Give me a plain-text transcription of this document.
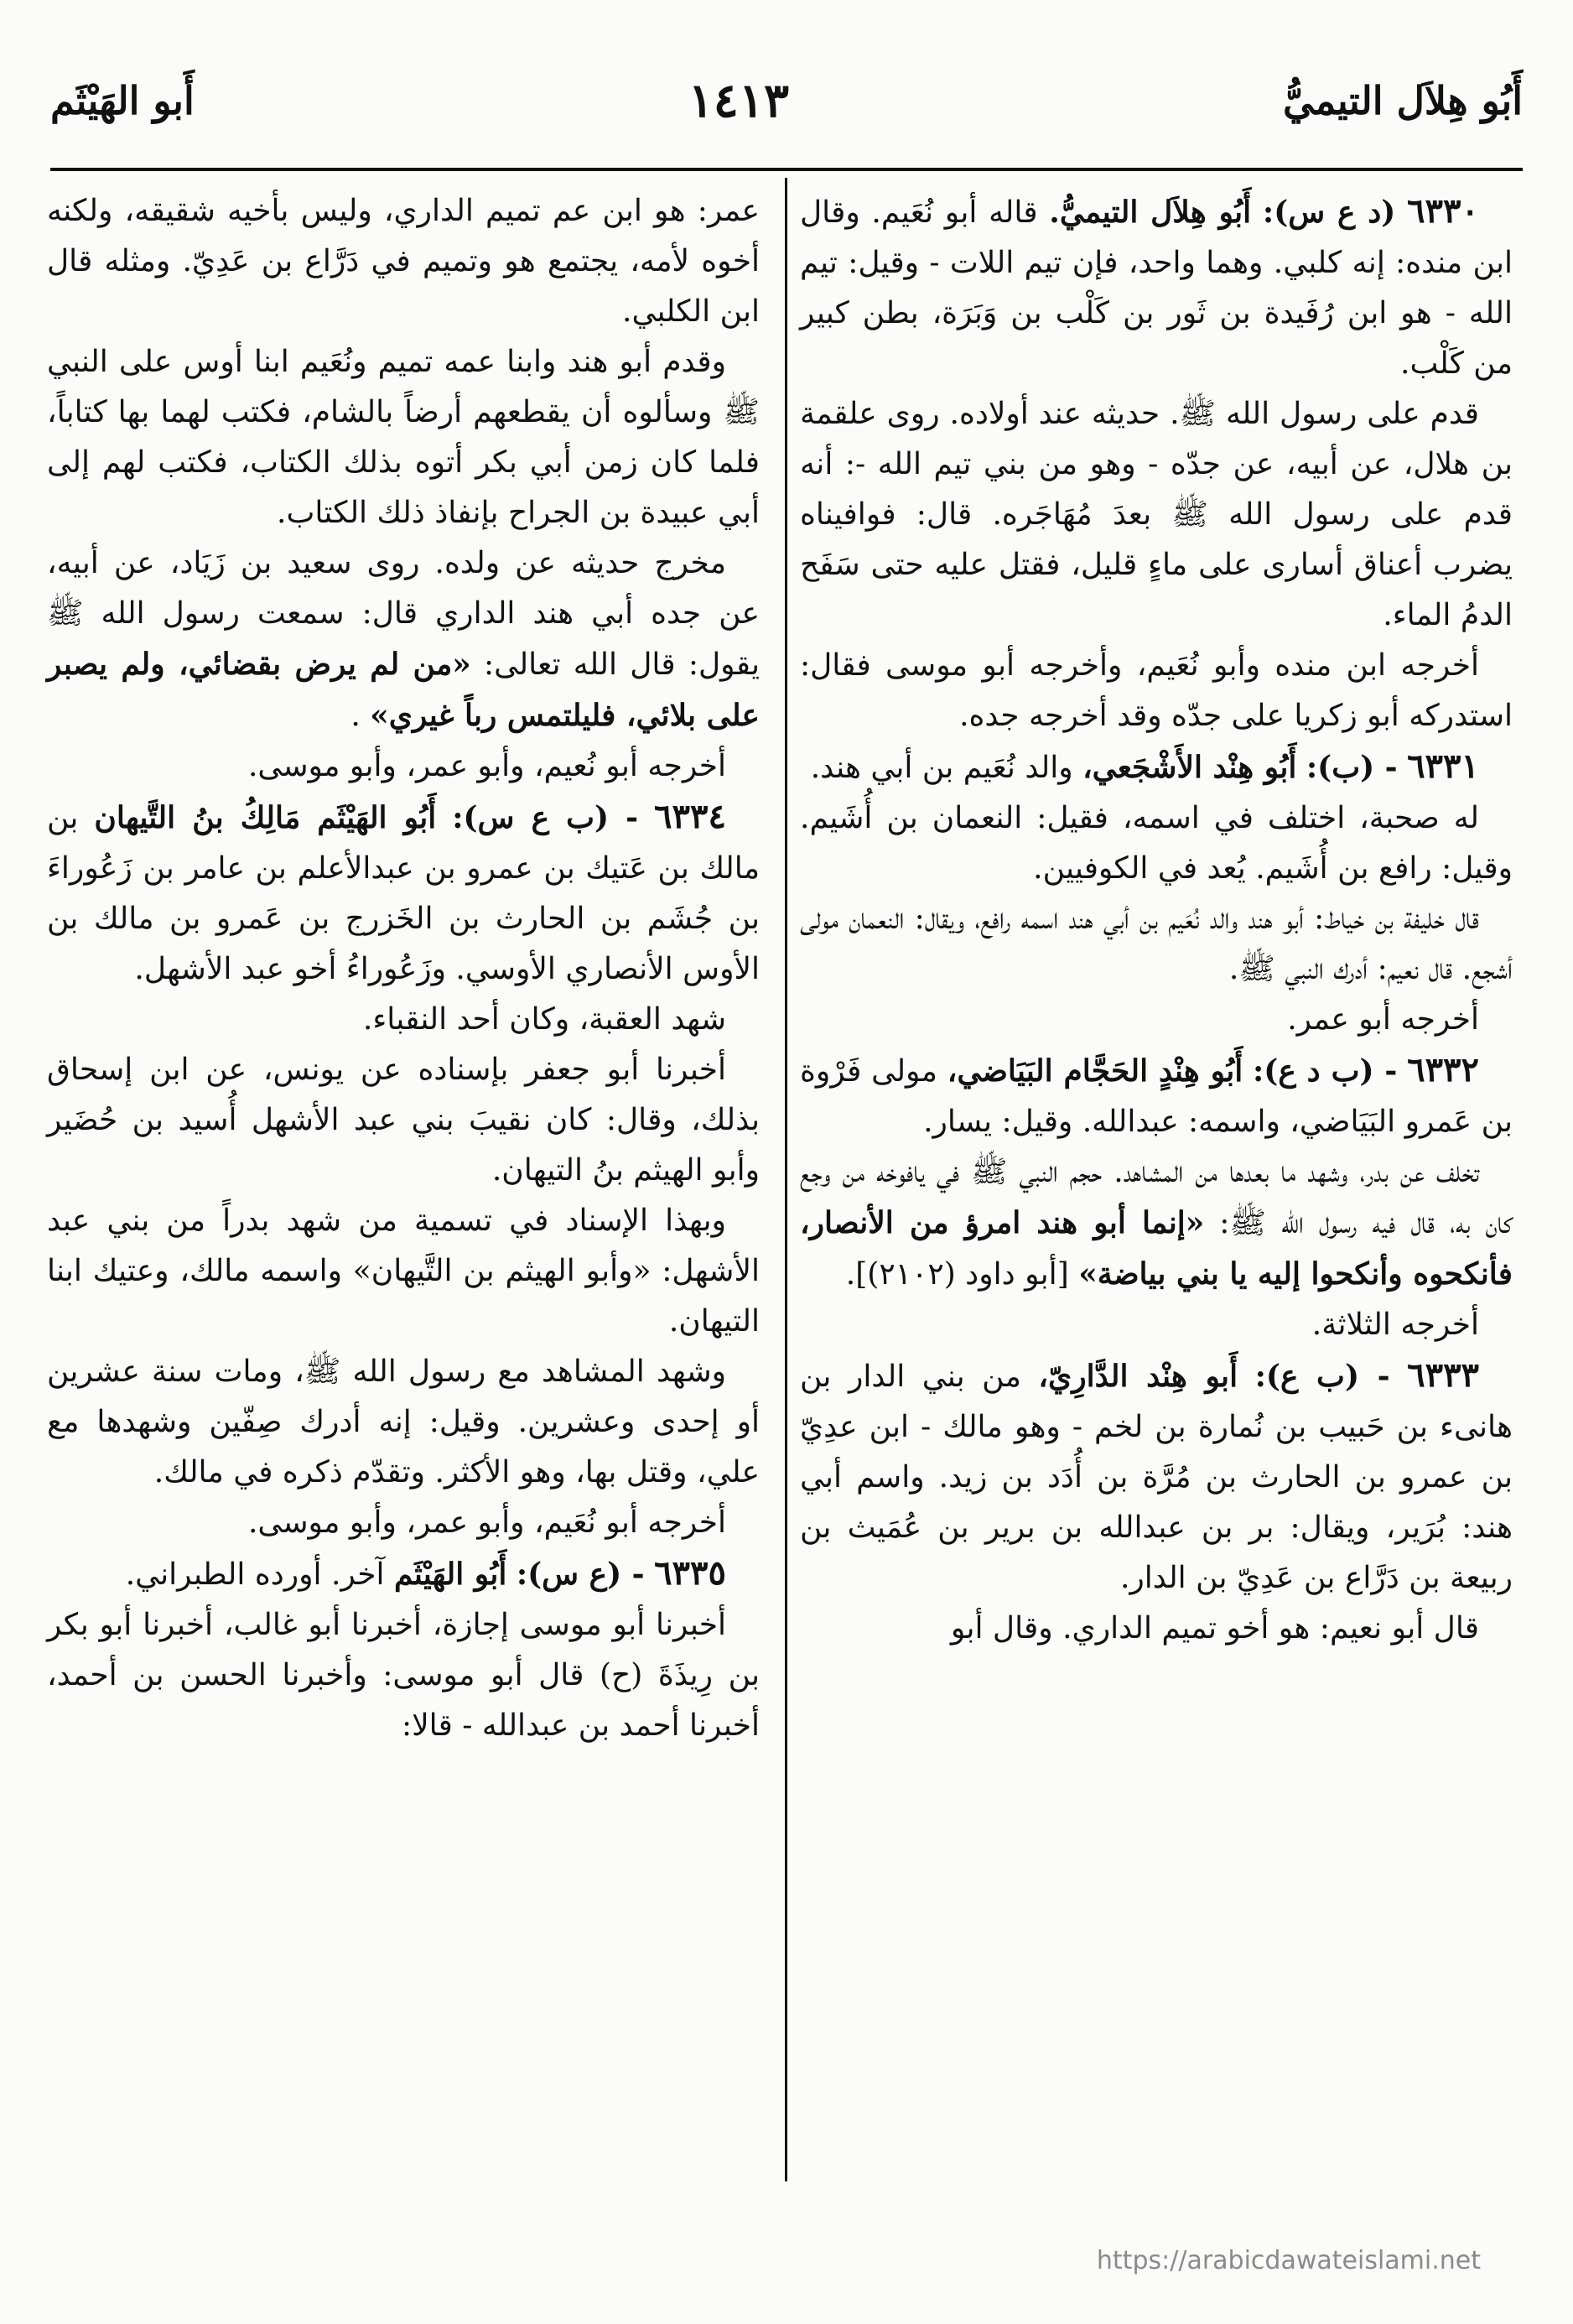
أَبُو هِلاَل التيميُّ
١٤١٣
أَبو الهَيْثَم

٦٣٣٠ (د ع س): أَبُو هِلاَل التيميُّ. قاله أبو نُعَيم. وقال ابن منده: إنه كلبي. وهما واحد، فإن تيم اللات - وقيل: تيم الله - هو ابن رُفَيدة بن ثَور بن كَلْب بن وَبَرَة، بطن كبير من كَلْب.

قدم على رسول الله ﷺ. حديثه عند أولاده. روى علقمة بن هلال، عن أبيه، عن جدّه - وهو من بني تيم الله -: أنه قدم على رسول الله ﷺ بعدَ مُهَاجَره. قال: فوافيناه يضرب أعناق أسارى على ماءٍ قليل، فقتل عليه حتى سَفَح الدمُ الماء.

أخرجه ابن منده وأبو نُعَيم، وأخرجه أبو موسى فقال: استدركه أبو زكريا على جدّه وقد أخرجه جده.

٦٣٣١ - (ب): أَبُو هِنْد الأَشْجَعي، والد نُعَيم بن أبي هند.

له صحبة، اختلف في اسمه، فقيل: النعمان بن أُشَيم. وقيل: رافع بن أُشَيم. يُعد في الكوفيين.

قال خليفة بن خياط: أبو هند والد نُعَيم بن أبي هند اسمه رافع، ويقال: النعمان مولى أشجع. قال نعيم: أدرك النبي ﷺ.

أخرجه أبو عمر.

٦٣٣٢ - (ب د ع): أَبُو هِنْدٍ الحَجَّام البَيَاضي، مولى فَرْوة بن عَمرو البَيَاضي، واسمه: عبدالله. وقيل: يسار.

تخلف عن بدر، وشهد ما بعدها من المشاهد. حجم النبي ﷺ في يافوخه من وجع كان به، قال فيه رسول الله ﷺ: «إنما أبو هند امرؤ من الأنصار، فأنكحوه وأنكحوا إليه يا بني بياضة» [أبو داود (٢١٠٢)].

أخرجه الثلاثة.

٦٣٣٣ - (ب ع): أَبو هِنْد الدَّارِيّ، من بني الدار بن هانىء بن حَبيب بن نُمارة بن لخم - وهو مالك - ابن عدِيّ بن عمرو بن الحارث بن مُرَّة بن أُدَد بن زيد. واسم أبي هند: بُرَير، ويقال: بر بن عبدالله بن برير بن عُمَيث بن ربيعة بن دَرَّاع بن عَدِيّ بن الدار.

قال أبو نعيم: هو أخو تميم الداري. وقال أبو

عمر: هو ابن عم تميم الداري، وليس بأخيه شقيقه، ولكنه أخوه لأمه، يجتمع هو وتميم في دَرَّاع بن عَدِيّ. ومثله قال ابن الكلبي.

وقدم أبو هند وابنا عمه تميم ونُعَيم ابنا أوس على النبي ﷺ وسألوه أن يقطعهم أرضاً بالشام، فكتب لهما بها كتاباً، فلما كان زمن أبي بكر أتوه بذلك الكتاب، فكتب لهم إلى أبي عبيدة بن الجراح بإنفاذ ذلك الكتاب.

مخرج حديثه عن ولده. روى سعيد بن زَيَاد، عن أبيه، عن جده أبي هند الداري قال: سمعت رسول الله ﷺ يقول: قال الله تعالى: «من لم يرض بقضائي، ولم يصبر على بلائي، فليلتمس رباً غيري» .

أخرجه أبو نُعيم، وأبو عمر، وأبو موسى.

٦٣٣٤ - (ب ع س): أَبُو الهَيْثَم مَالِكُ بنُ التَّيهان بن مالك بن عَتيك بن عمرو بن عبدالأعلم بن عامر بن زَعُوراءَ بن جُشَم بن الحارث بن الخَزرج بن عَمرو بن مالك بن الأوس الأنصاري الأوسي. وزَعُوراءُ أخو عبد الأشهل.

شهد العقبة، وكان أحد النقباء.

أخبرنا أبو جعفر بإسناده عن يونس، عن ابن إسحاق بذلك، وقال: كان نقيبَ بني عبد الأشهل أُسيد بن حُضَير وأبو الهيثم بنُ التيهان.

وبهذا الإسناد في تسمية من شهد بدراً من بني عبد الأشهل: «وأبو الهيثم بن التَّيهان» واسمه مالك، وعتيك ابنا التيهان.

وشهد المشاهد مع رسول الله ﷺ، ومات سنة عشرين أو إحدى وعشرين. وقيل: إنه أدرك صِفّين وشهدها مع علي، وقتل بها، وهو الأكثر. وتقدّم ذكره في مالك.

أخرجه أبو نُعَيم، وأبو عمر، وأبو موسى.

٦٣٣٥ - (ع س): أَبُو الهَيْثَم آخر. أورده الطبراني.

أخبرنا أبو موسى إجازة، أخبرنا أبو غالب، أخبرنا أبو بكر بن رِيذَةَ (ح) قال أبو موسى: وأخبرنا الحسن بن أحمد، أخبرنا أحمد بن عبدالله - قالا:

https://arabicdawateislami.net
